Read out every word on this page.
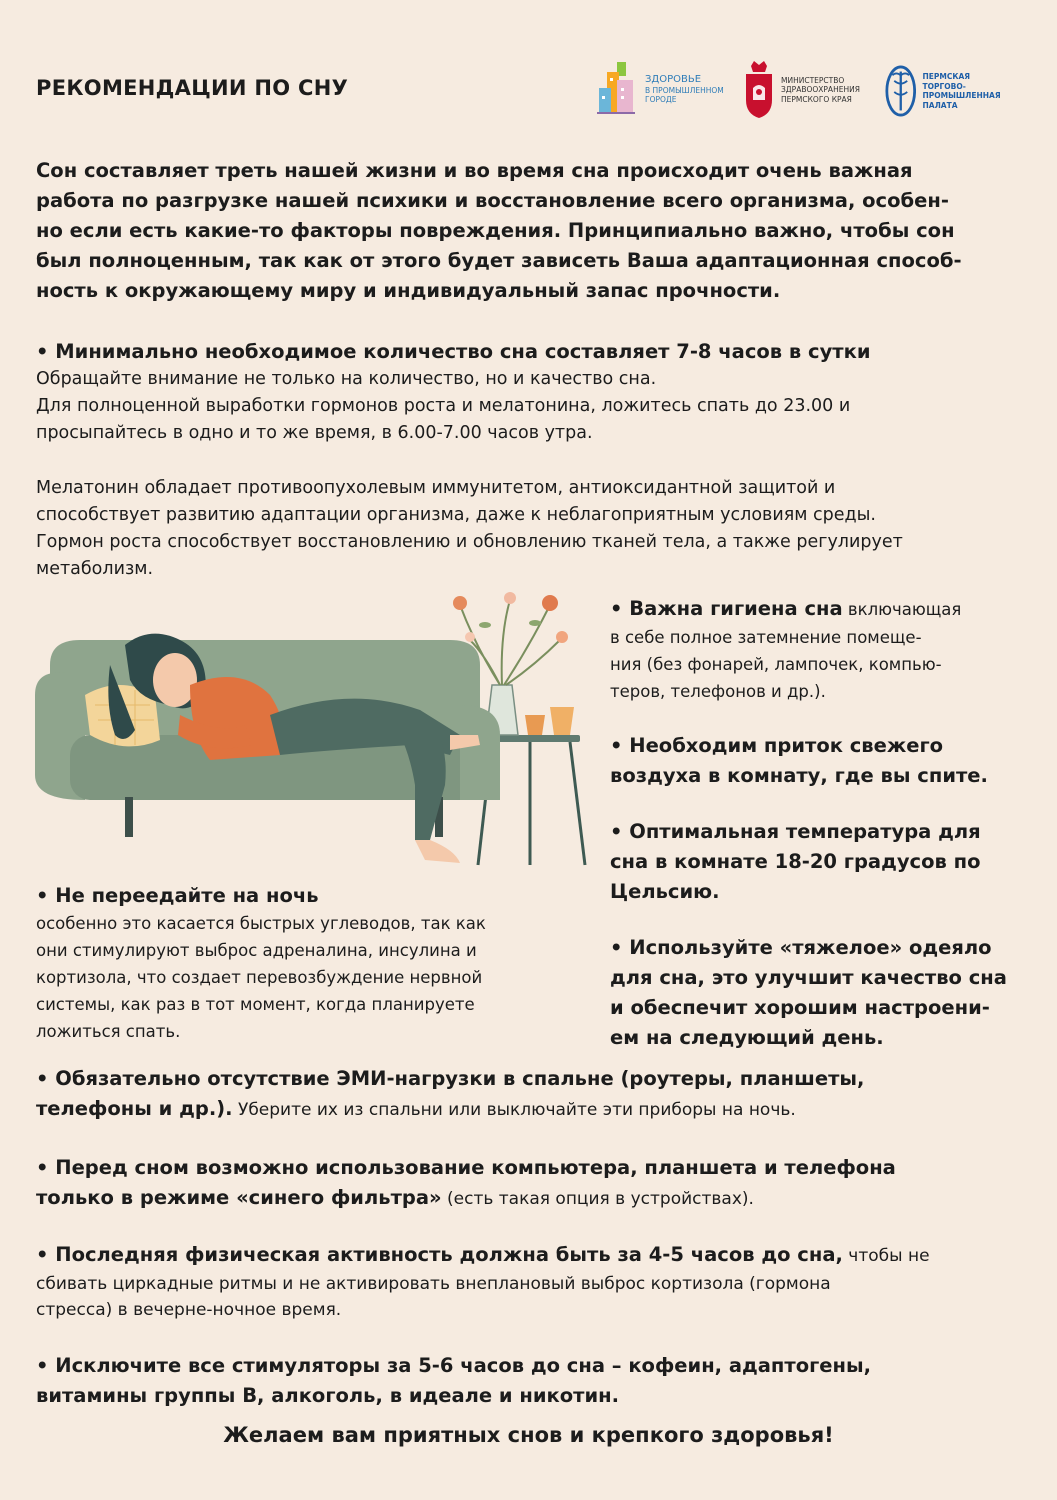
РЕКОМЕНДАЦИИ ПО СНУ	ЗДОРОВЬЕ
В ПРОМЫШЛЕННОМ
ГОРОДЕ
МИНИСТЕРСТВО
ЗДРАВООХРАНЕНИЯ
ПЕРМСКОГО КРАЯ
ПЕРМСКАЯ
ТОРГОВО-ПРОМЫШЛЕННАЯ
ПАЛАТА
Сон составляет треть нашей жизни и во время сна происходит очень важная
работа по разгрузке нашей психики и восстановление всего организма, особен-
но если есть какие-то факторы повреждения. Принципиально важно, чтобы сон
был полноценным, так как от этого будет зависеть Ваша адаптационная способ-
ность к окружающему миру и индивидуальный запас прочности.
• Минимально необходимое количество сна составляет 7-8 часов в сутки
Обращайте внимание не только на количество, но и качество сна.
Для полноценной выработки гормонов роста и мелатонина, ложитесь спать до 23.00 и
просыпайтесь в одно и то же время, в 6.00-7.00 часов утра.
Мелатонин обладает противоопухолевым иммунитетом, антиоксидантной защитой и
способствует развитию адаптации организма, даже к неблагоприятным условиям среды.
Гормон роста способствует восстановлению и обновлению тканей тела, а также регулирует
метаболизм.
• Важна гигиена сна включающая
в себе полное затемнение помеще-
ния (без фонарей, лампочек, компью-
теров, телефонов и др.).
• Необходим приток свежего
воздуха в комнату, где вы спите.
• Оптимальная температура для
сна в комнате 18-20 градусов по
Цельсию.
• Используйте «тяжелое» одеяло
для сна, это улучшит качество сна
и обеспечит хорошим настроени-
ем на следующий день.
• Не переедайте на ночь
особенно это касается быстрых углеводов, так как
они стимулируют выброс адреналина, инсулина и
кортизола, что создает перевозбуждение нервной
системы, как раз в тот момент, когда планируете
ложиться спать.
• Обязательно отсутствие ЭМИ-нагрузки в спальне (роутеры, планшеты,
телефоны и др.). Уберите их из спальни или выключайте эти приборы на ночь.
• Перед сном возможно использование компьютера, планшета и телефона
только в режиме «синего фильтра» (есть такая опция в устройствах).
• Последняя физическая активность должна быть за 4-5 часов до сна, чтобы не
сбивать циркадные ритмы и не активировать внеплановый выброс кортизола (гормона
стресса) в вечерне-ночное время.
• Исключите все стимуляторы за 5-6 часов до сна – кофеин, адаптогены,
витамины группы В, алкоголь, в идеале и никотин.
Желаем вам приятных снов и крепкого здоровья!
